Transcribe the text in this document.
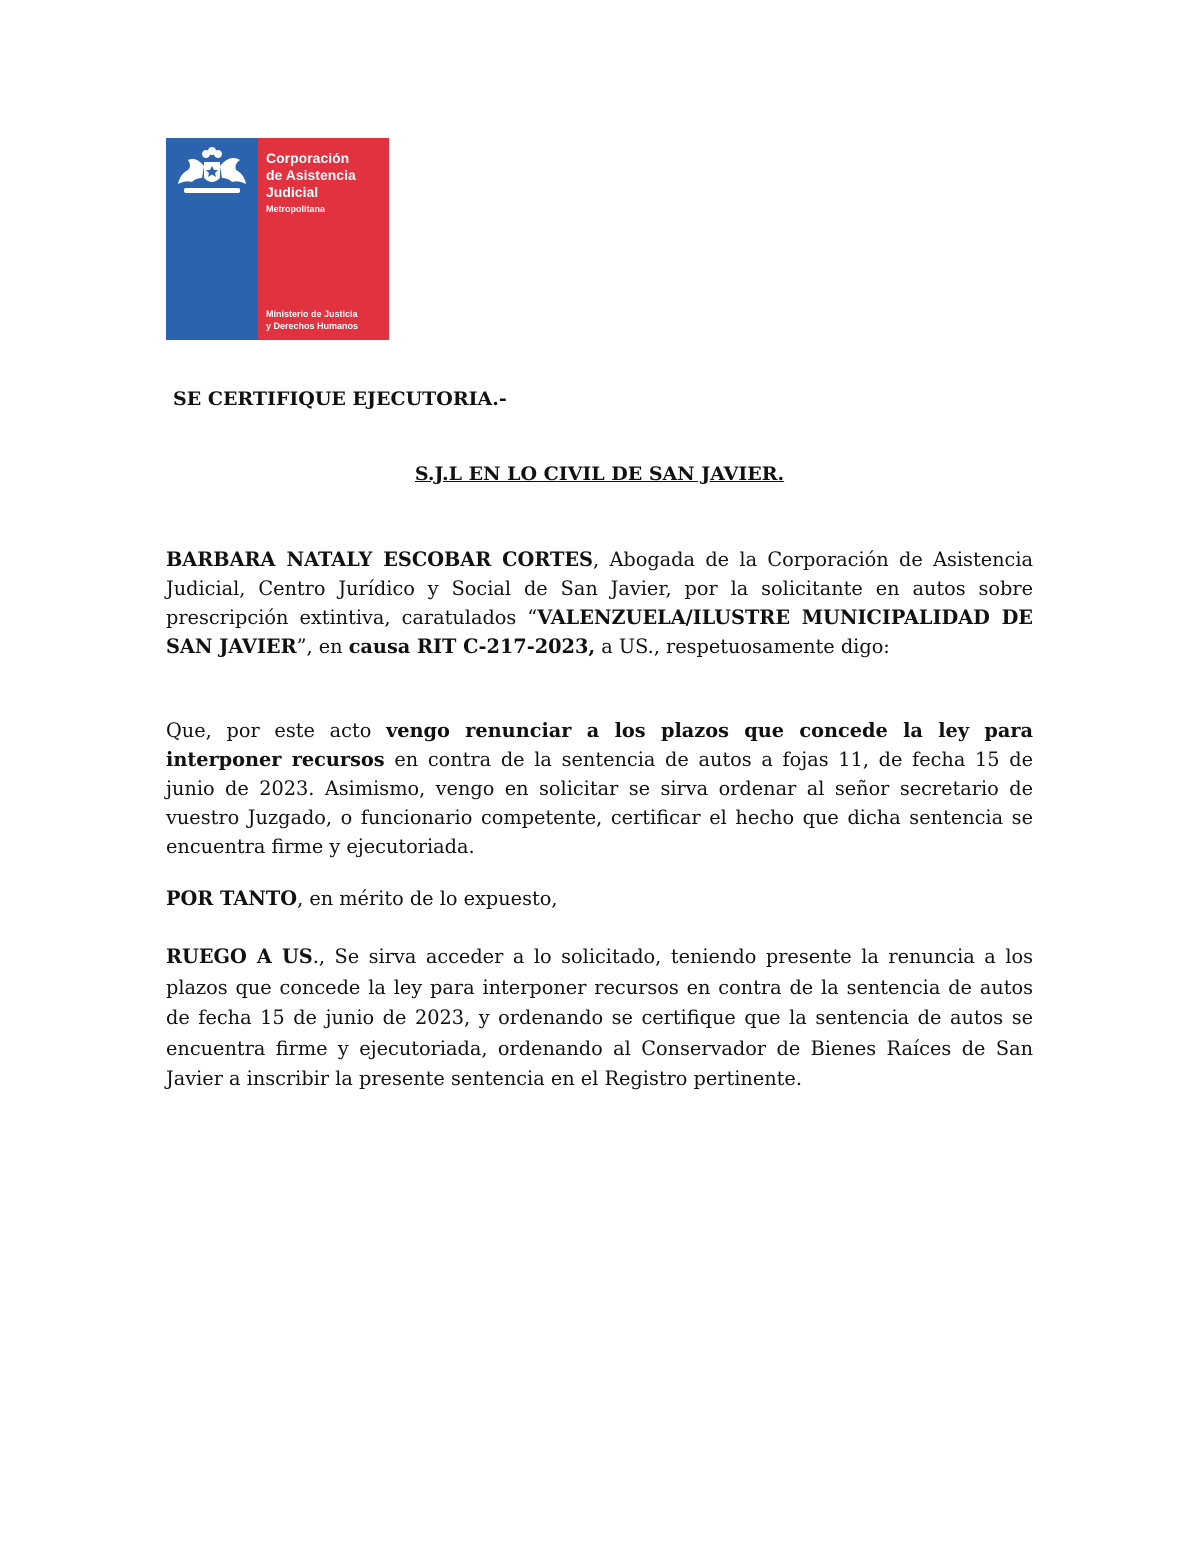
Corporación
de Asistencia
Judicial
Metropolitana
Ministerio de Justicia
y Derechos Humanos
SE CERTIFIQUE EJECUTORIA.-
S.J.L EN LO CIVIL DE SAN JAVIER.

BARBARA NATALY ESCOBAR CORTES, Abogada de la Corporación de Asistencia Judicial, Centro Jurídico y Social de San Javier, por la solicitante en autos sobre prescripción extintiva, caratulados “VALENZUELA/ILUSTRE MUNICIPALIDAD DE SAN JAVIER”, en causa RIT C-217-2023, a US., respetuosamente digo:

Que, por este acto vengo renunciar a los plazos que concede la ley para interponer recursos en contra de la sentencia de autos a fojas 11, de fecha 15 de junio de 2023. Asimismo, vengo en solicitar se sirva ordenar al señor secretario de vuestro Juzgado, o funcionario competente, certificar el hecho que dicha sentencia se encuentra firme y ejecutoriada.

POR TANTO, en mérito de lo expuesto,

RUEGO A US., Se sirva acceder a lo solicitado, teniendo presente la renuncia a los plazos que concede la ley para interponer recursos en contra de la sentencia de autos de fecha 15 de junio de 2023, y ordenando se certifique que la sentencia de autos se encuentra firme y ejecutoriada, ordenando al Conservador de Bienes Raíces de San Javier a inscribir la presente sentencia en el Registro pertinente.
